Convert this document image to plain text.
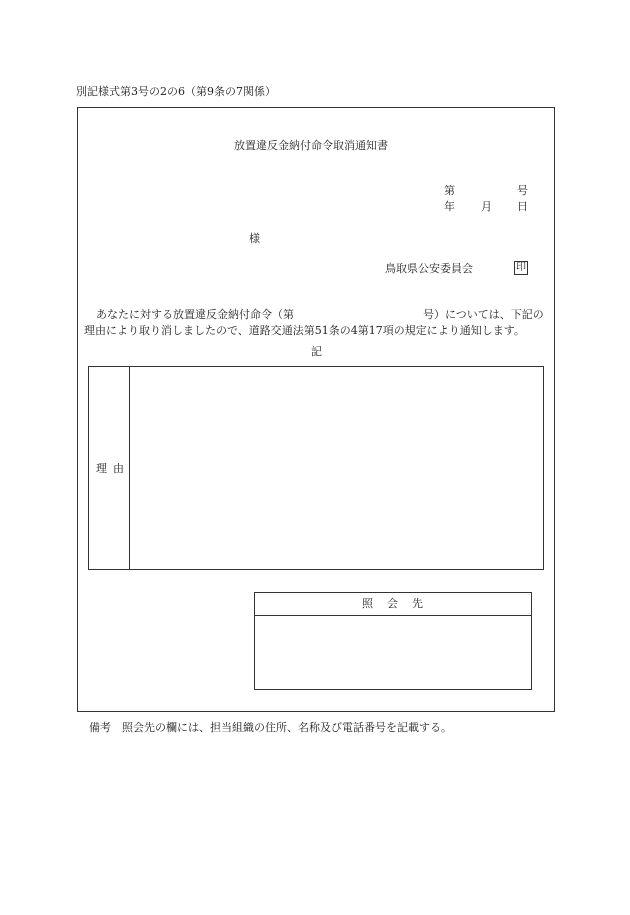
別記様式第3号の2の6（第9条の7関係）
放置違反金納付命令取消通知書
第	号
年 月 日
様
鳥取県公安委員会	印
あなたに対する放置違反金納付命令（第	号）については、下記の
理由により取り消しましたので、道路交通法第51条の4第17項の規定により通知します。
記
理由
照会先
備考　照会先の欄には、担当組織の住所、名称及び電話番号を記載する。
